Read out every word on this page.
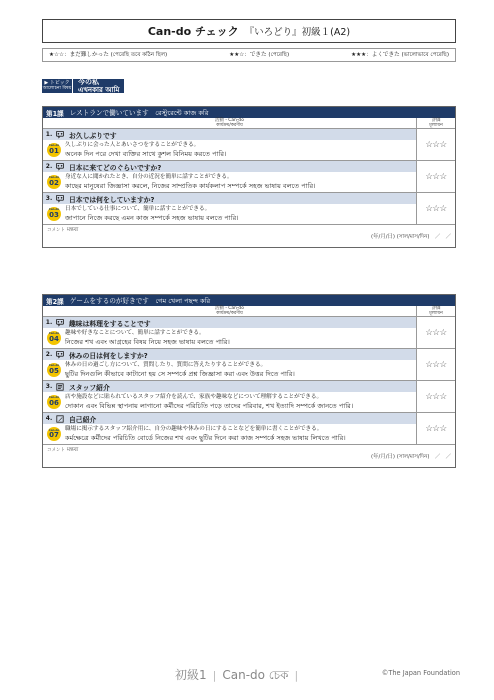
Can-do チェック 『いろどり』初級１(A2)
★☆☆：まだ難しかった (পেরেছি তবে কঠিন ছিল)	★★☆：できた (পেরেছি)	★★★：よくできた (ভালোভাবে পেরেছি)
▶ トピック
আলোচনা বিষয়
今の私
এখনকার আমি
第1課 レストランで働いています　রেস্টুরেন্টে কাজ করি
活動・Can-do
কার্যক্রম/করণীয়
評価
মূল্যায়ন
1.	お久しぶりです
Can-do
01
久しぶりに会った人とあいさつをすることができる。
অনেক দিন পরে দেখা ব্যক্তির সাথে কুশল বিনিময় করতে পারি।
☆☆☆
2.	日本に来てどのぐらいですか?
Can-do
02
身近な人に聞かれたとき、自分の近況を簡単に話すことができる。
কাছের মানুষেরা জিজ্ঞাসা করলে, নিজের সাম্প্রতিক কার্যকলাপ সম্পর্কে সহজ ভাষায় বলতে পারি।
☆☆☆
3.	日本では何をしていますか?
Can-do
03
日本でしている仕事について、簡単に話すことができる。
জাপানে নিজে করছে এমন কাজ সম্পর্কে সহজ ভাষায় বলতে পারি।
☆☆☆
コメント মন্তব্য
(年/月/日) (সাল/মাস/দিন)　／　／
第2課 ゲームをするのが好きです　গেম খেলা পছন্দ করি
活動・Can-do
কার্যক্রম/করণীয়
評価
মূল্যায়ন
1.	趣味は料理をすることです
Can-do
04
趣味や好きなことについて、簡単に話すことができる。
নিজের শখ এবং আগ্রহের বিষয় নিয়ে সহজ ভাষায় বলতে পারি।
☆☆☆
2.	休みの日は何をしますか?
Can-do
05
休みの日の過ごし方について、質問したり、質問に答えたりすることができる。
ছুটির দিনগুলি কীভাবে কাটানো হয় সে সম্পর্কে প্রশ্ন জিজ্ঞাসা করা এবং উত্তর দিতে পারি।
☆☆☆
3.	スタッフ紹介
Can-do
06
店や施設などに貼られているスタッフ紹介を読んで、家族や趣味などについて理解することができる。
দোকান এবং বিভিন্ন স্থাপনায় লাগানো কর্মীদের পরিচিতি পড়ে তাদের পরিবার, শখ ইত্যাদি সম্পর্কে জানতে পারি।
☆☆☆
4.	自己紹介
Can-do
07
職場に掲示するスタッフ紹介用に、自分の趣味や休みの日にすることなどを簡単に書くことができる。
কর্মক্ষেত্রে কর্মীদের পরিচিতি বোর্ডে নিজের শখ এবং ছুটির দিনে করা কাজ সম্পর্কে সহজ ভাষায় লিখতে পারি।
☆☆☆
コメント মন্তব্য
(年/月/日) (সাল/মাস/দিন)　／　／
初級1 | Can-do চেক |	©The Japan Foundation
